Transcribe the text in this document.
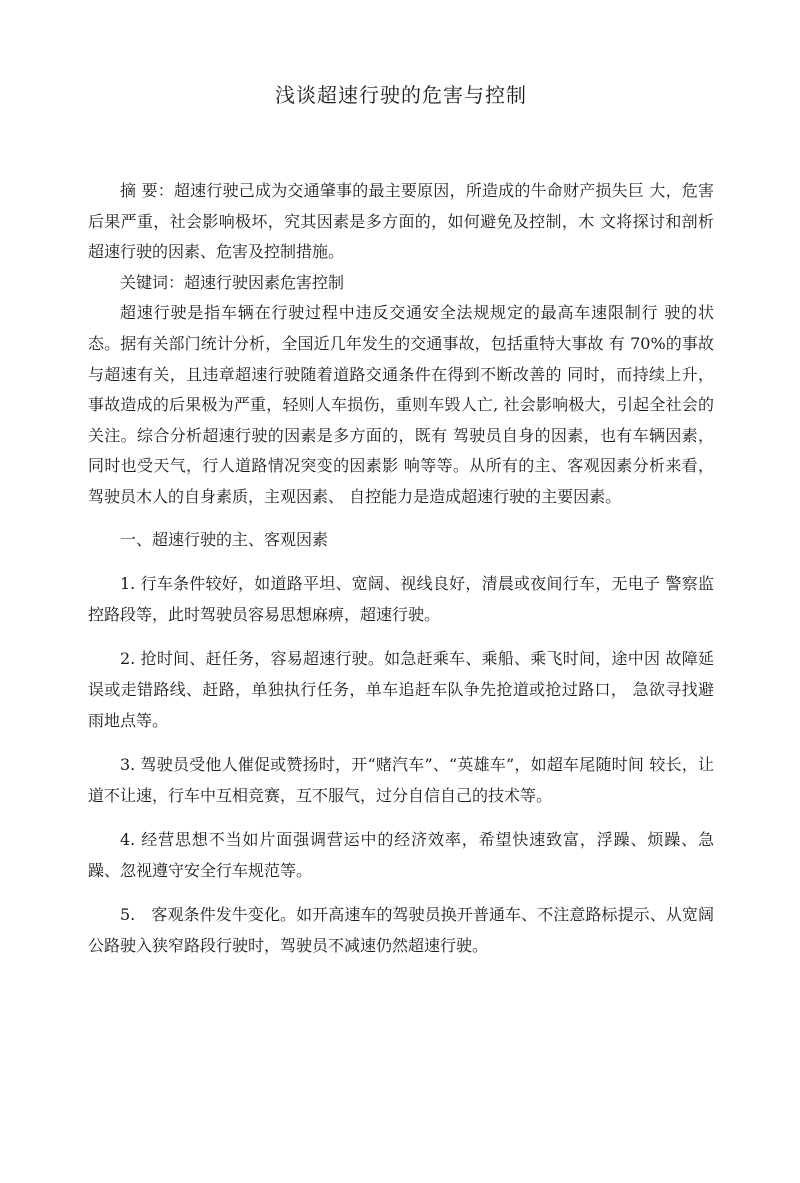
浅谈超速行驶的危害与控制

摘 要：超速行驶己成为交通肇事的最主要原因，所造成的牛命财产损失巨 大，危害后果严重，社会影响极坏，究其因素是多方面的，如何避免及控制，木 文将探讨和剖析超速行驶的因素、危害及控制措施。

关键词：超速行驶因素危害控制

超速行驶是指车辆在行驶过程中违反交通安全法规规定的最高车速限制行 驶的状态。据有关部门统计分析，全国近几年发生的交通事故，包括重特大事故 有 70%的事故与超速有关，且违章超速行驶随着道路交通条件在得到不断改善的 同时，而持续上升，事故造成的后果极为严重，轻则人车损伤，重则车毁人亡, 社会影响极大，引起全社会的关注。综合分析超速行驶的因素是多方面的，既有 驾驶员自身的因素，也有车辆因素，同时也受天气，行人道路情况突变的因素影 响等等。从所有的主、客观因素分析来看，驾驶员木人的自身素质，主观因素、 自控能力是造成超速行驶的主要因素。

一、超速行驶的主、客观因素

1. 行车条件较好，如道路平坦、宽阔、视线良好，清晨或夜间行车，无电子 警察监控路段等，此时驾驶员容易思想麻痹，超速行驶。

2. 抢时间、赶任务，容易超速行驶。如急赶乘车、乘船、乘飞时间，途中因 故障延误或走错路线、赶路，单独执行任务，单车追赶车队争先抢道或抢过路口， 急欲寻找避雨地点等。

3. 驾驶员受他人催促或赞扬时，开“赌汽车”、“英雄车”，如超车尾随时间 较长，让道不让速，行车中互相竞赛，互不服气，过分自信自己的技术等。

4. 经营思想不当如片面强调营运中的经济效率，希望快速致富，浮躁、烦躁、急躁、忽视遵守安全行车规范等。

5.　客观条件发牛变化。如开高速车的驾驶员换开普通车、不注意路标提示、从宽阔公路驶入狭窄路段行驶时，驾驶员不减速仍然超速行驶。
